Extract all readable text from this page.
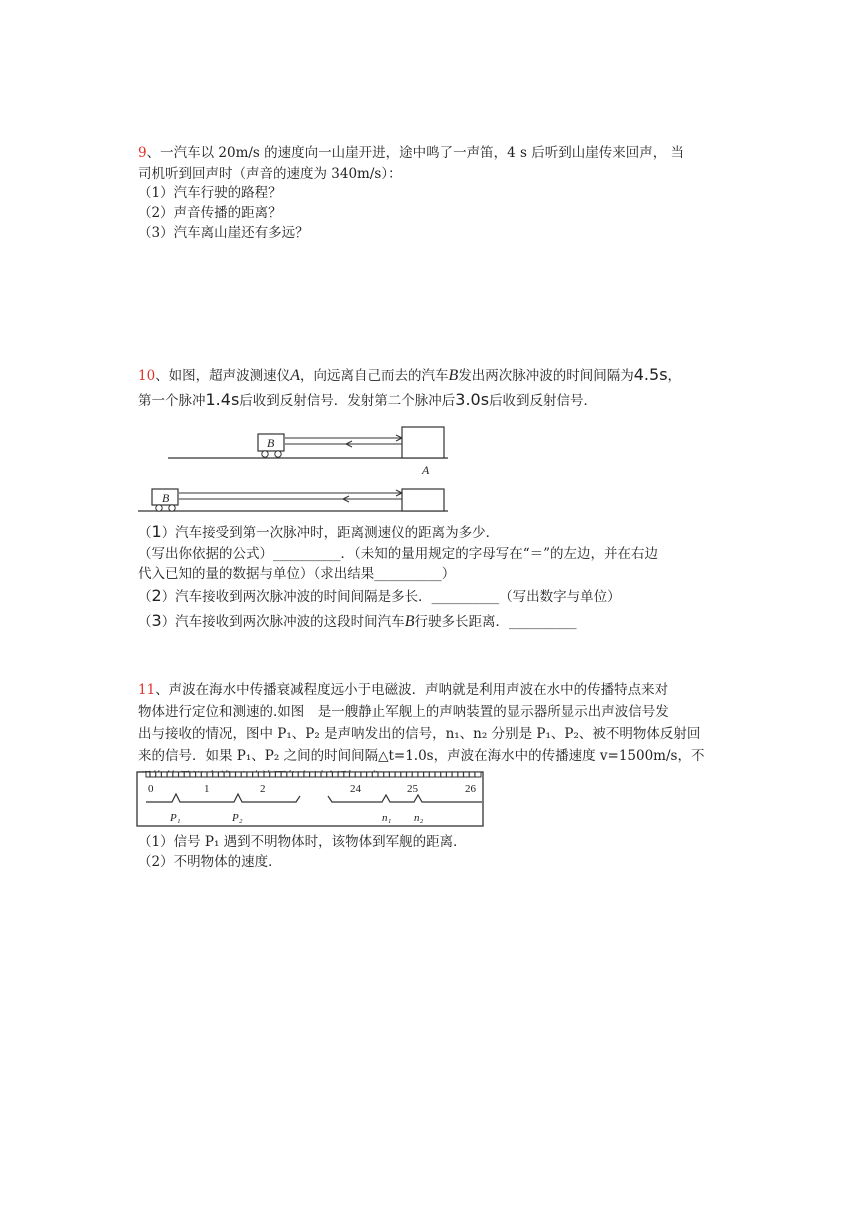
9、一汽车以 20m/s 的速度向一山崖开进，途中鸣了一声笛，4 s 后听到山崖传来回声， 当
司机听到回声时（声音的速度为 340m/s）：
（1）汽车行驶的路程？
（2）声音传播的距离？
（3）汽车离山崖还有多远？
10、如图，超声波测速仪A，向远离自己而去的汽车B发出两次脉冲波的时间间隔为4.5s，
第一个脉冲1.4s后收到反射信号．发射第二个脉冲后3.0s后收到反射信号．
B
A
B
（1）汽车接受到第一次脉冲时，距离测速仪的距离为多少．
（写出你依据的公式）__________．（未知的量用规定的字母写在“＝”的左边，并在右边
代入已知的量的数据与单位）（求出结果__________）
（2）汽车接收到两次脉冲波的时间间隔是多长．__________（写出数字与单位）
（3）汽车接收到两次脉冲波的这段时间汽车B行驶多长距离．__________
11、声波在海水中传播衰减程度远小于电磁波．声呐就是利用声波在水中的传播特点来对
物体进行定位和测速的.如图　是一艘静止军舰上的声呐装置的显示器所显示出声波信号发
出与接收的情况，图中 P₁、P₂ 是声呐发出的信号，n₁、n₂ 分别是 P₁、P₂、被不明物体反射回
来的信号．如果 P₁、P₂ 之间的时间间隔△t=1.0s，声波在海水中的传播速度 v=1500m/s，不
0	1	2	24	25	26
P₁	P₂	n₁ n₂
（1）信号 P₁ 遇到不明物体时，该物体到军舰的距离．
（2）不明物体的速度．
